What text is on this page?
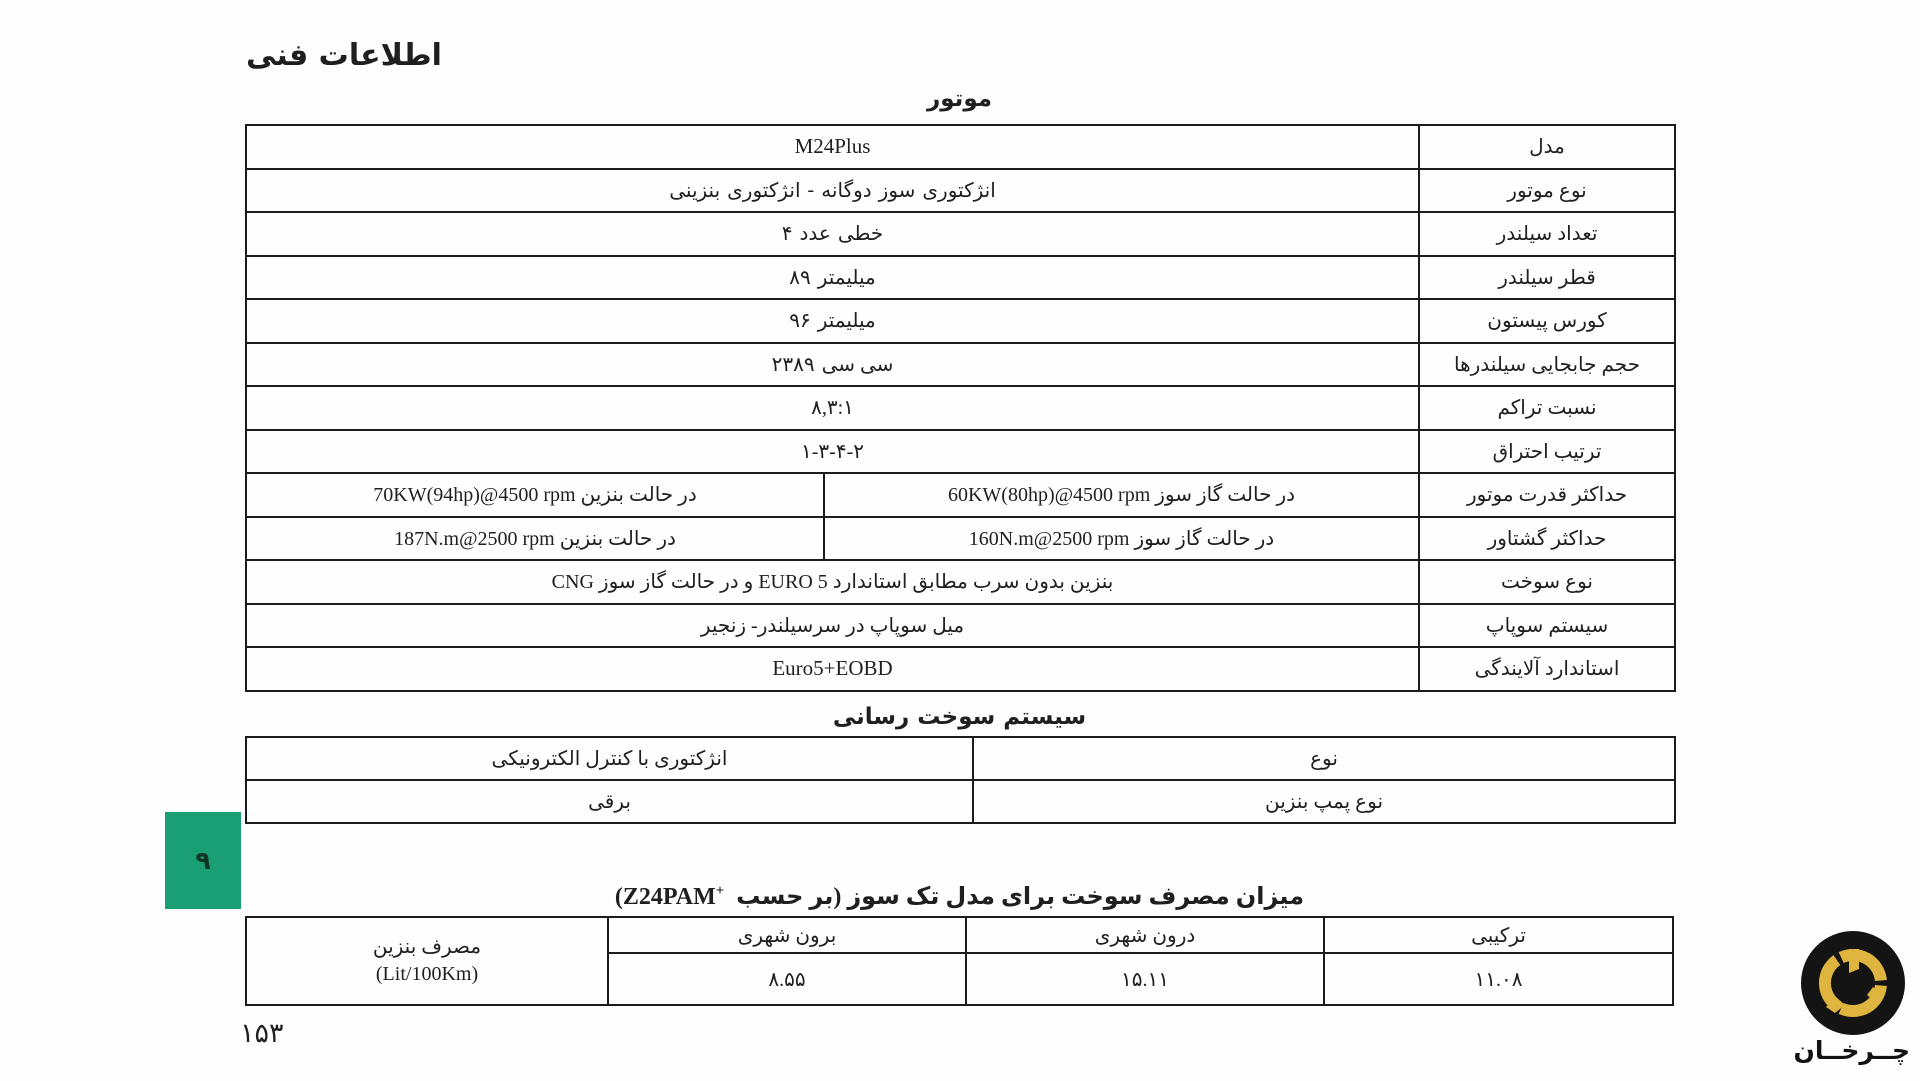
اطلاعات فنی
موتور
M24Plus		مدل

بنزینی انژکتوری - دوگانه سوز انژکتوری	نوع موتور

۴ عدد خطی		تعداد سیلندر

۸۹ میلیمتر		قطر سیلندر

۹۶ میلیمتر		کورس پیستون

۲۳۸۹ سی سی		حجم جابجایی سیلندرها
۸,۳:۱		نسبت تراکم
۱-۳-۴-۲		ترتیب احتراق
در حالت بنزین 70KW(94hp)@4500 rpm	در حالت گاز سوز 60KW(80hp)@4500 rpm	حداکثر قدرت موتور
در حالت بنزین 187N.m@2500 rpm	در حالت گاز سوز 160N.m@2500 rpm	حداکثر گشتاور
بنزین بدون سرب مطابق استاندارد EURO 5 و در حالت گاز سوز CNG		نوع سوخت
میل سوپاپ در سرسیلندر- زنجیر		سیستم سوپاپ
Euro5+EOBD		استاندارد آلایندگی
سیستم سوخت رسانی
انژکتوری با کنترل الکترونیکی	نوع
برقی	نوع پمپ بنزین
۹
میزان مصرف سوخت برای مدل تک سوز (بر حسب  Z24PAM+)
مصرف بنزین
(Lit/100Km)	برون شهری	درون شهری	ترکیبی
	۸.۵۵	۱۵.۱۱	۱۱.۰۸
۱۵۳
چــرخــان
